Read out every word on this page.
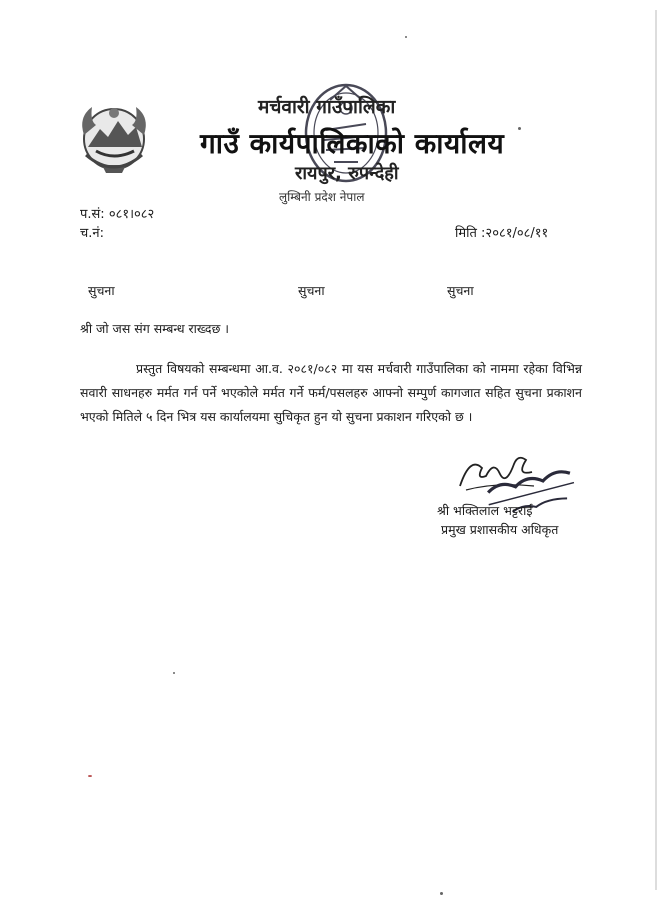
मर्चवारी गाउँपालिका
गाउँ कार्यपालिकाको कार्यालय
रायपुर, रुपन्देही
लुम्बिनी प्रदेश नेपाल
प.सं: ०८१।०८२
च.नं:	मिति :२०८१/०८/११
सुचना	सुचना	सुचना
श्री जो जस संग सम्बन्ध राख्दछ ।
प्रस्तुत विषयको सम्बन्धमा आ.व. २०८१/०८२ मा यस मर्चवारी गाउँपालिका को नाममा रहेका विभिन्न सवारी साधनहरु मर्मत गर्न पर्ने भएकोले मर्मत गर्ने फर्म/पसलहरु आफ्नो सम्पुर्ण कागजात सहित सुचना प्रकाशन भएको मितिले ५ दिन भित्र यस कार्यालयमा सुचिकृत हुन यो सुचना प्रकाशन गरिएको छ ।
श्री भक्तिलाल भट्टराई
प्रमुख प्रशासकीय अधिकृत
